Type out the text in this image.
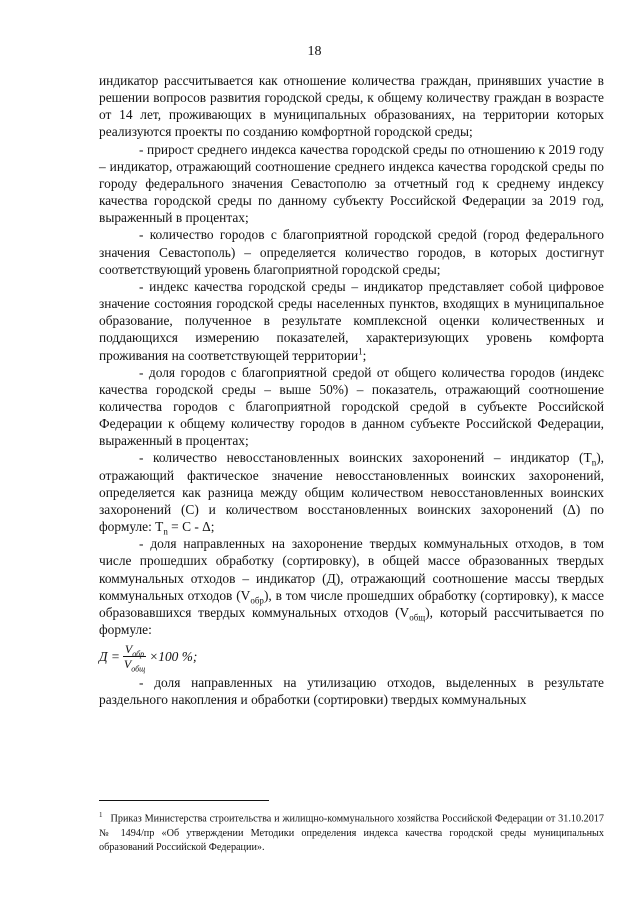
18

индикатор рассчитывается как отношение количества граждан, принявших участие в решении вопросов развития городской среды, к общему количеству граждан в возрасте от 14 лет, проживающих в муниципальных образованиях, на территории которых реализуются проекты по созданию комфортной городской среды;

- прирост среднего индекса качества городской среды по отношению к 2019 году – индикатор, отражающий соотношение среднего индекса качества городской среды по городу федерального значения Севастополю за отчетный год к среднему индексу качества городской среды по данному субъекту Российской Федерации за 2019 год, выраженный в процентах;

- количество городов с благоприятной городской средой (город федерального значения Севастополь) – определяется количество городов, в которых достигнут соответствующий уровень благоприятной городской среды;

- индекс качества городской среды – индикатор представляет собой цифровое значение состояния городской среды населенных пунктов, входящих в муниципальное образование, полученное в результате комплексной оценки количественных и поддающихся измерению показателей, характеризующих уровень комфорта проживания на соответствующей территории$^1$;

- доля городов с благоприятной средой от общего количества городов (индекс качества городской среды – выше 50%) – показатель, отражающий соотношение количества городов с благоприятной городской средой в субъекте Российской Федерации к общему количеству городов в данном субъекте Российской Федерации, выраженный в процентах;

- количество невосстановленных воинских захоронений – индикатор $(Т_n)$, отражающий фактическое значение невосстановленных воинских захоронений, определяется как разница между общим количеством невосстановленных воинских захоронений (С) и количеством восстановленных воинских захоронений (Δ) по формуле: $Т_n = С - \Delta$;

- доля направленных на захоронение твердых коммунальных отходов, в том числе прошедших обработку (сортировку), в общей массе образованных твердых коммунальных отходов – индикатор (Д), отражающий соотношение массы твердых коммунальных отходов $(V_{обр})$, в том числе прошедших обработку (сортировку), к массе образовавшихся твердых коммунальных отходов $(V_{общ})$, который рассчитывается по формуле:

$Д = \frac{V_{обр}}{V_{общ}} \times 100$ % ;

- доля направленных на утилизацию отходов, выделенных в результате раздельного накопления и обработки (сортировки) твердых коммунальных

$^1$ Приказ Министерства строительства и жилищно-коммунального хозяйства Российской Федерации от 31.10.2017 № 1494/пр «Об утверждении Методики определения индекса качества городской среды муниципальных образований Российской Федерации».
